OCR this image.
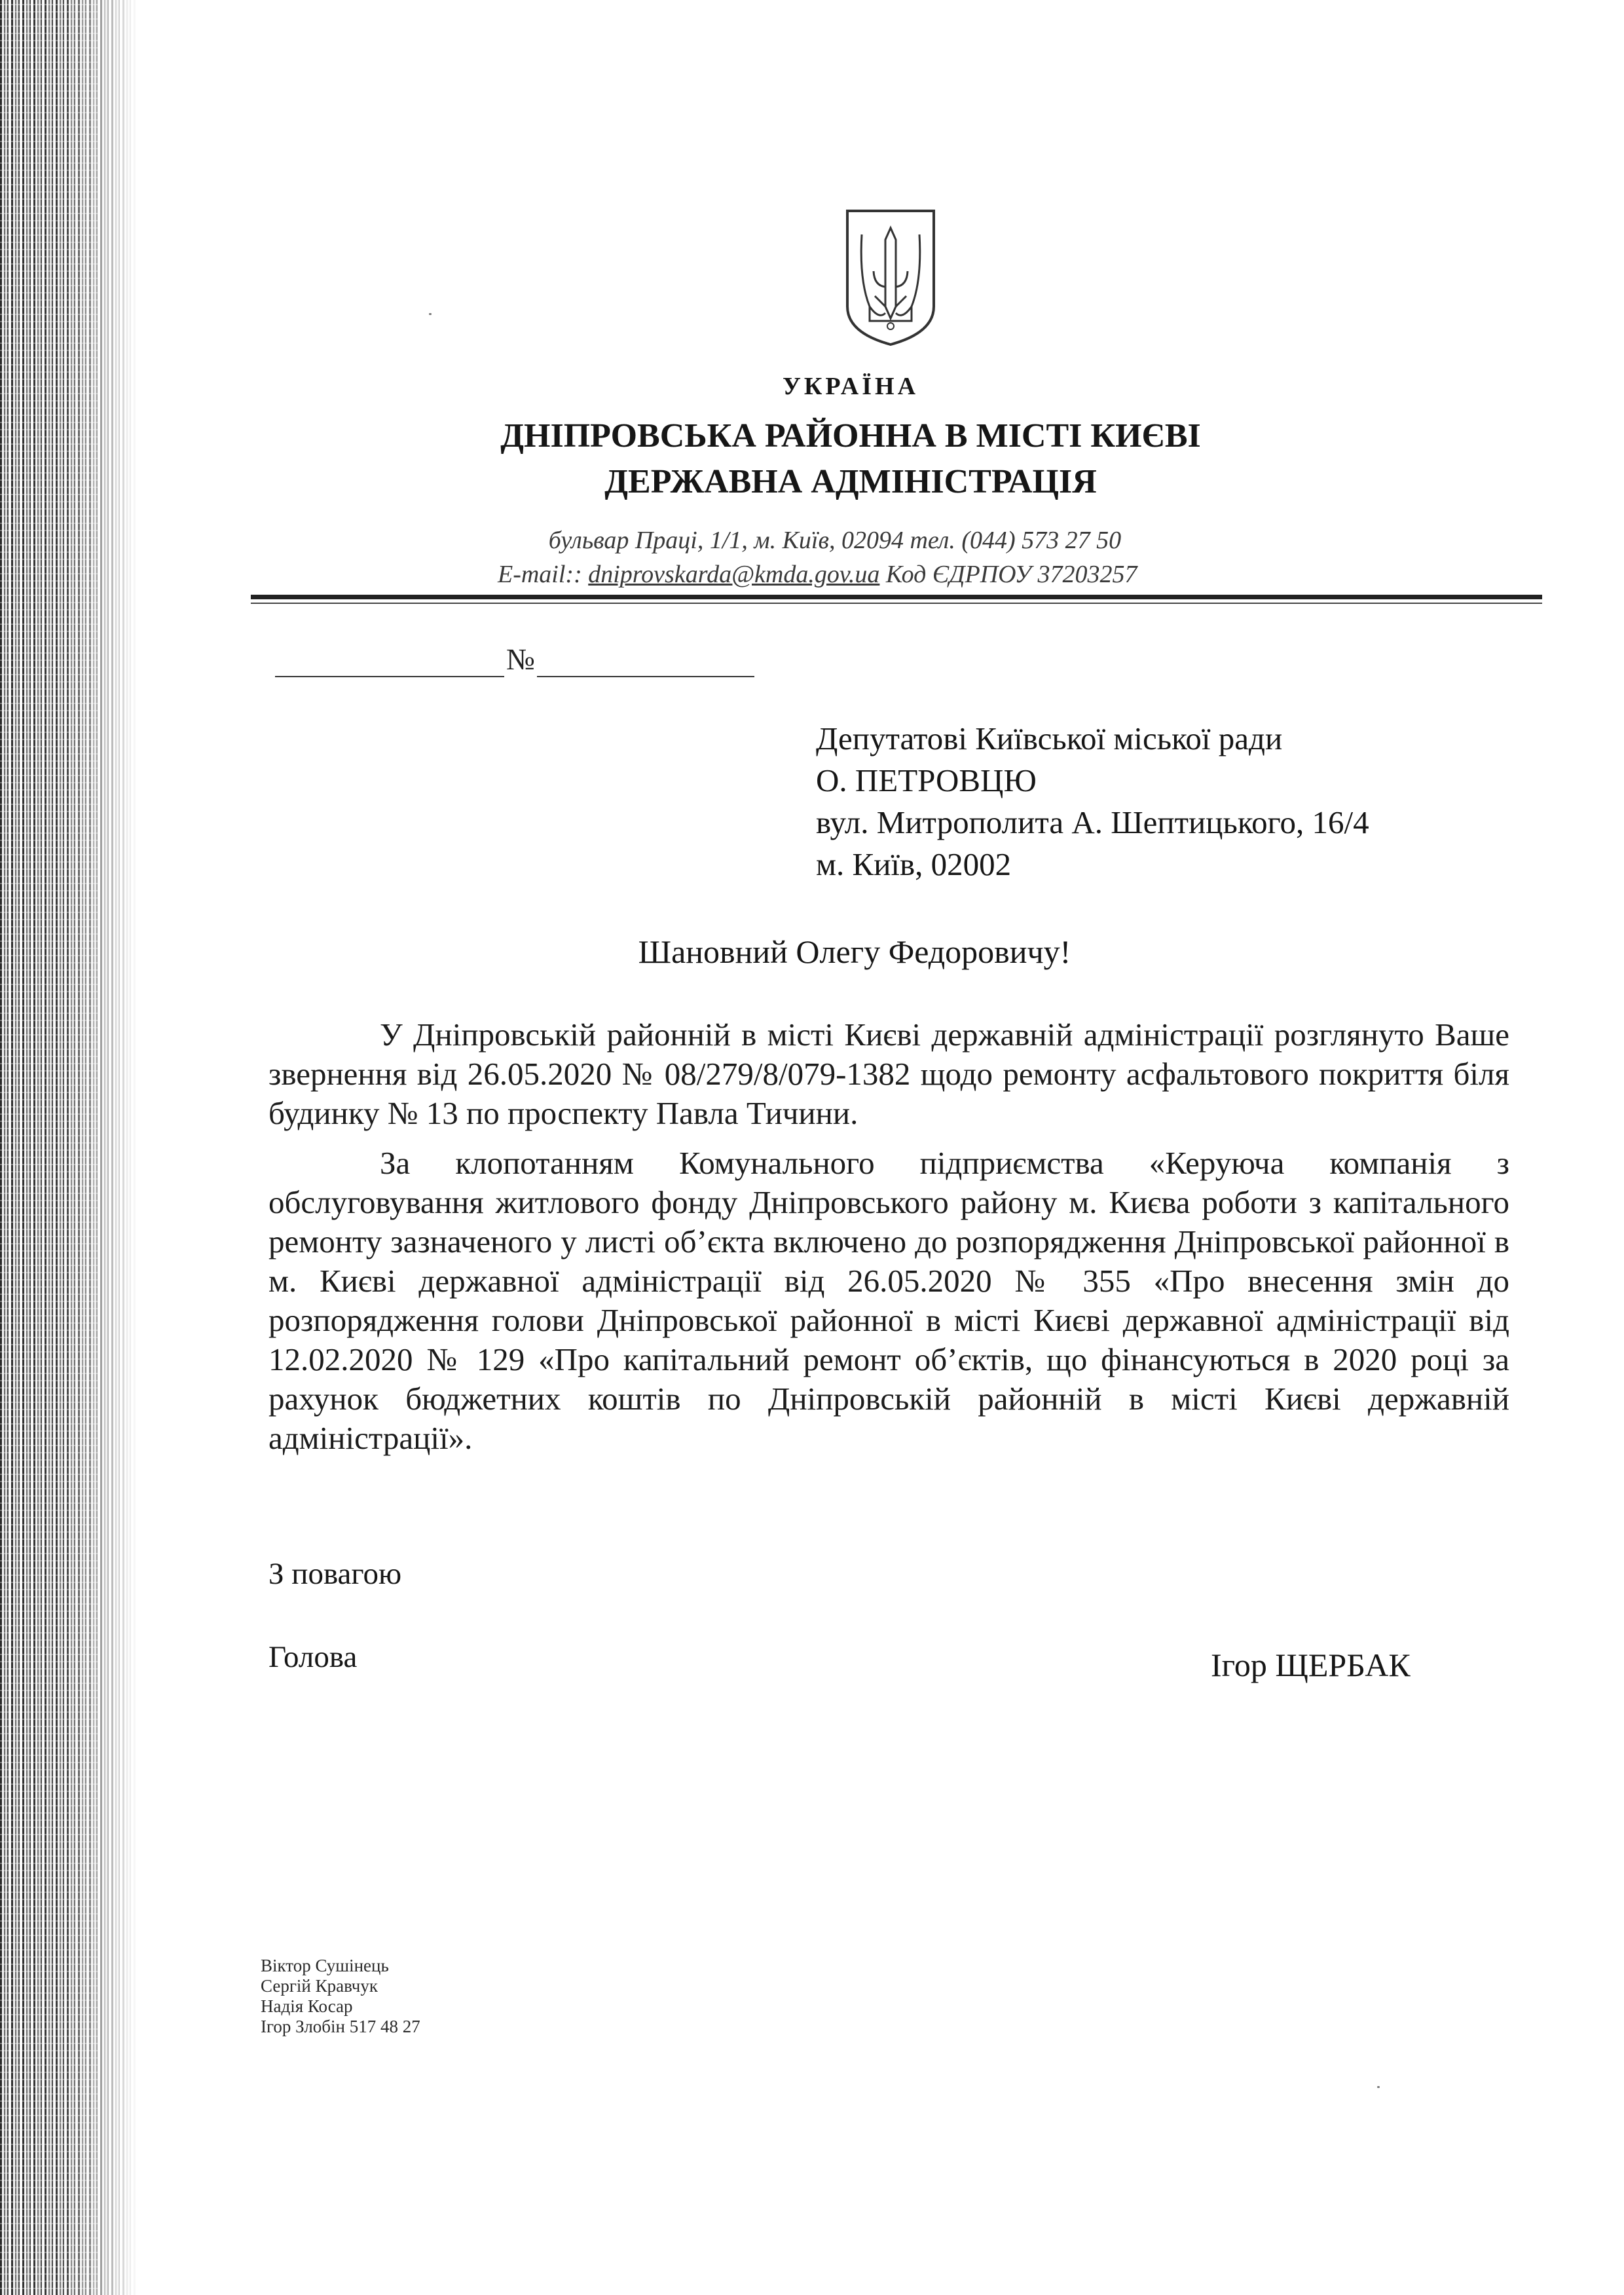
УКРАЇНА

ДНІПРОВСЬКА РАЙОННА В МІСТІ КИЄВІ

ДЕРЖАВНА АДМІНІСТРАЦІЯ

бульвар Праці, 1/1, м. Київ, 02094 тел. (044) 573 27 50

E-mail:: dniprovskarda@kmda.gov.ua Код ЄДРПОУ 37203257

№

Депутатові Київської міської ради

О. ПЕТРОВЦЮ

вул. Митрополита А. Шептицького, 16/4

м. Київ, 02002

Шановний Олегу Федоровичу!

У Дніпровській районній в місті Києві державній адміністрації розглянуто Ваше звернення від 26.05.2020 № 08/279/8/079-1382 щодо ремонту асфальтового покриття біля будинку № 13 по проспекту Павла Тичини.

За клопотанням Комунального підприємства «Керуюча компанія з обслуговування житлового фонду Дніпровського району м. Києва роботи з капітального ремонту зазначеного у листі об’єкта включено до розпорядження Дніпровської районної в м. Києві державної адміністрації від 26.05.2020 № 355 «Про внесення змін до розпорядження голови Дніпровської районної в місті Києві державної адміністрації від 12.02.2020 № 129 «Про капітальний ремонт об’єктів, що фінансуються в 2020 році за рахунок бюджетних коштів по Дніпровській районній в місті Києві державній адміністрації».

З повагою

Голова	Ігор ЩЕРБАК

Віктор Сушінець
Сергій Кравчук
Надія Косар
Ігор Злобін 517 48 27
